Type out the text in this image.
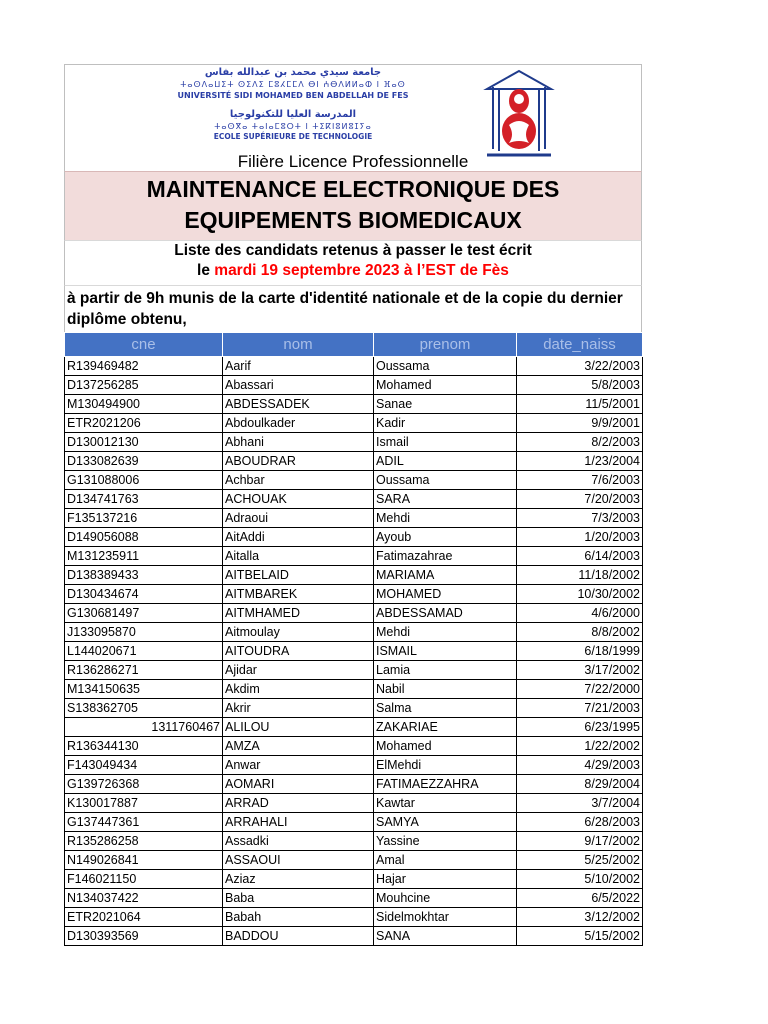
جامعة سيدي محمد بن عبدالله بفاس
ⵜⴰⵙⴷⴰⵡⵉⵜ ⵙⵉⴷⵉ ⵎⵓⵃⵎⵎⴷ ⴱⵏ ⵄⴱⴷⵍⵍⴰⵀ ⵏ ⴼⴰⵙ
UNIVERSITÉ SIDI MOHAMED BEN ABDELLAH DE FES
المدرسة العليا للتكنولوجيا
ⵜⴰⵙⴳⴰ ⵜⴰⵏⴰⵎⵓⵔⵜ ⵏ ⵜⵉⴽⵏⵓⵍⵓⵊⵢⴰ
ECOLE SUPÉRIEURE DE TECHNOLOGIE
Filière Licence Professionnelle
MAINTENANCE ELECTRONIQUE DES
EQUIPEMENTS BIOMEDICAUX
Liste des candidats retenus à passer le test écrit
le mardi 19 septembre 2023 à l’EST de Fès
à partir de 9h munis de la carte d'identité nationale et de la copie du dernier diplôme obtenu,
cne	nom	prenom	date_naiss
R139469482	Aarif	Oussama	3/22/2003
D137256285	Abassari	Mohamed	5/8/2003
M130494900	ABDESSADEK	Sanae	11/5/2001
ETR2021206	Abdoulkader	Kadir	9/9/2001
D130012130	Abhani	Ismail	8/2/2003
D133082639	ABOUDRAR	ADIL	1/23/2004
G131088006	Achbar	Oussama	7/6/2003
D134741763	ACHOUAK	SARA	7/20/2003
F135137216	Adraoui	Mehdi	7/3/2003
D149056088	AitAddi	Ayoub	1/20/2003
M131235911	Aitalla	Fatimazahrae	6/14/2003
D138389433	AITBELAID	MARIAMA	11/18/2002
D130434674	AITMBAREK	MOHAMED	10/30/2002
G130681497	AITMHAMED	ABDESSAMAD	4/6/2000
J133095870	Aitmoulay	Mehdi	8/8/2002
L144020671	AITOUDRA	ISMAIL	6/18/1999
R136286271	Ajidar	Lamia	3/17/2002
M134150635	Akdim	Nabil	7/22/2000
S138362705	Akrir	Salma	7/21/2003
1311760467	ALILOU	ZAKARIAE	6/23/1995
R136344130	AMZA	Mohamed	1/22/2002
F143049434	Anwar	ElMehdi	4/29/2003
G139726368	AOMARI	FATIMAEZZAHRA	8/29/2004
K130017887	ARRAD	Kawtar	3/7/2004
G137447361	ARRAHALI	SAMYA	6/28/2003
R135286258	Assadki	Yassine	9/17/2002
N149026841	ASSAOUI	Amal	5/25/2002
F146021150	Aziaz	Hajar	5/10/2002
N134037422	Baba	Mouhcine	6/5/2022
ETR2021064	Babah	Sidelmokhtar	3/12/2002
D130393569	BADDOU	SANA	5/15/2002
